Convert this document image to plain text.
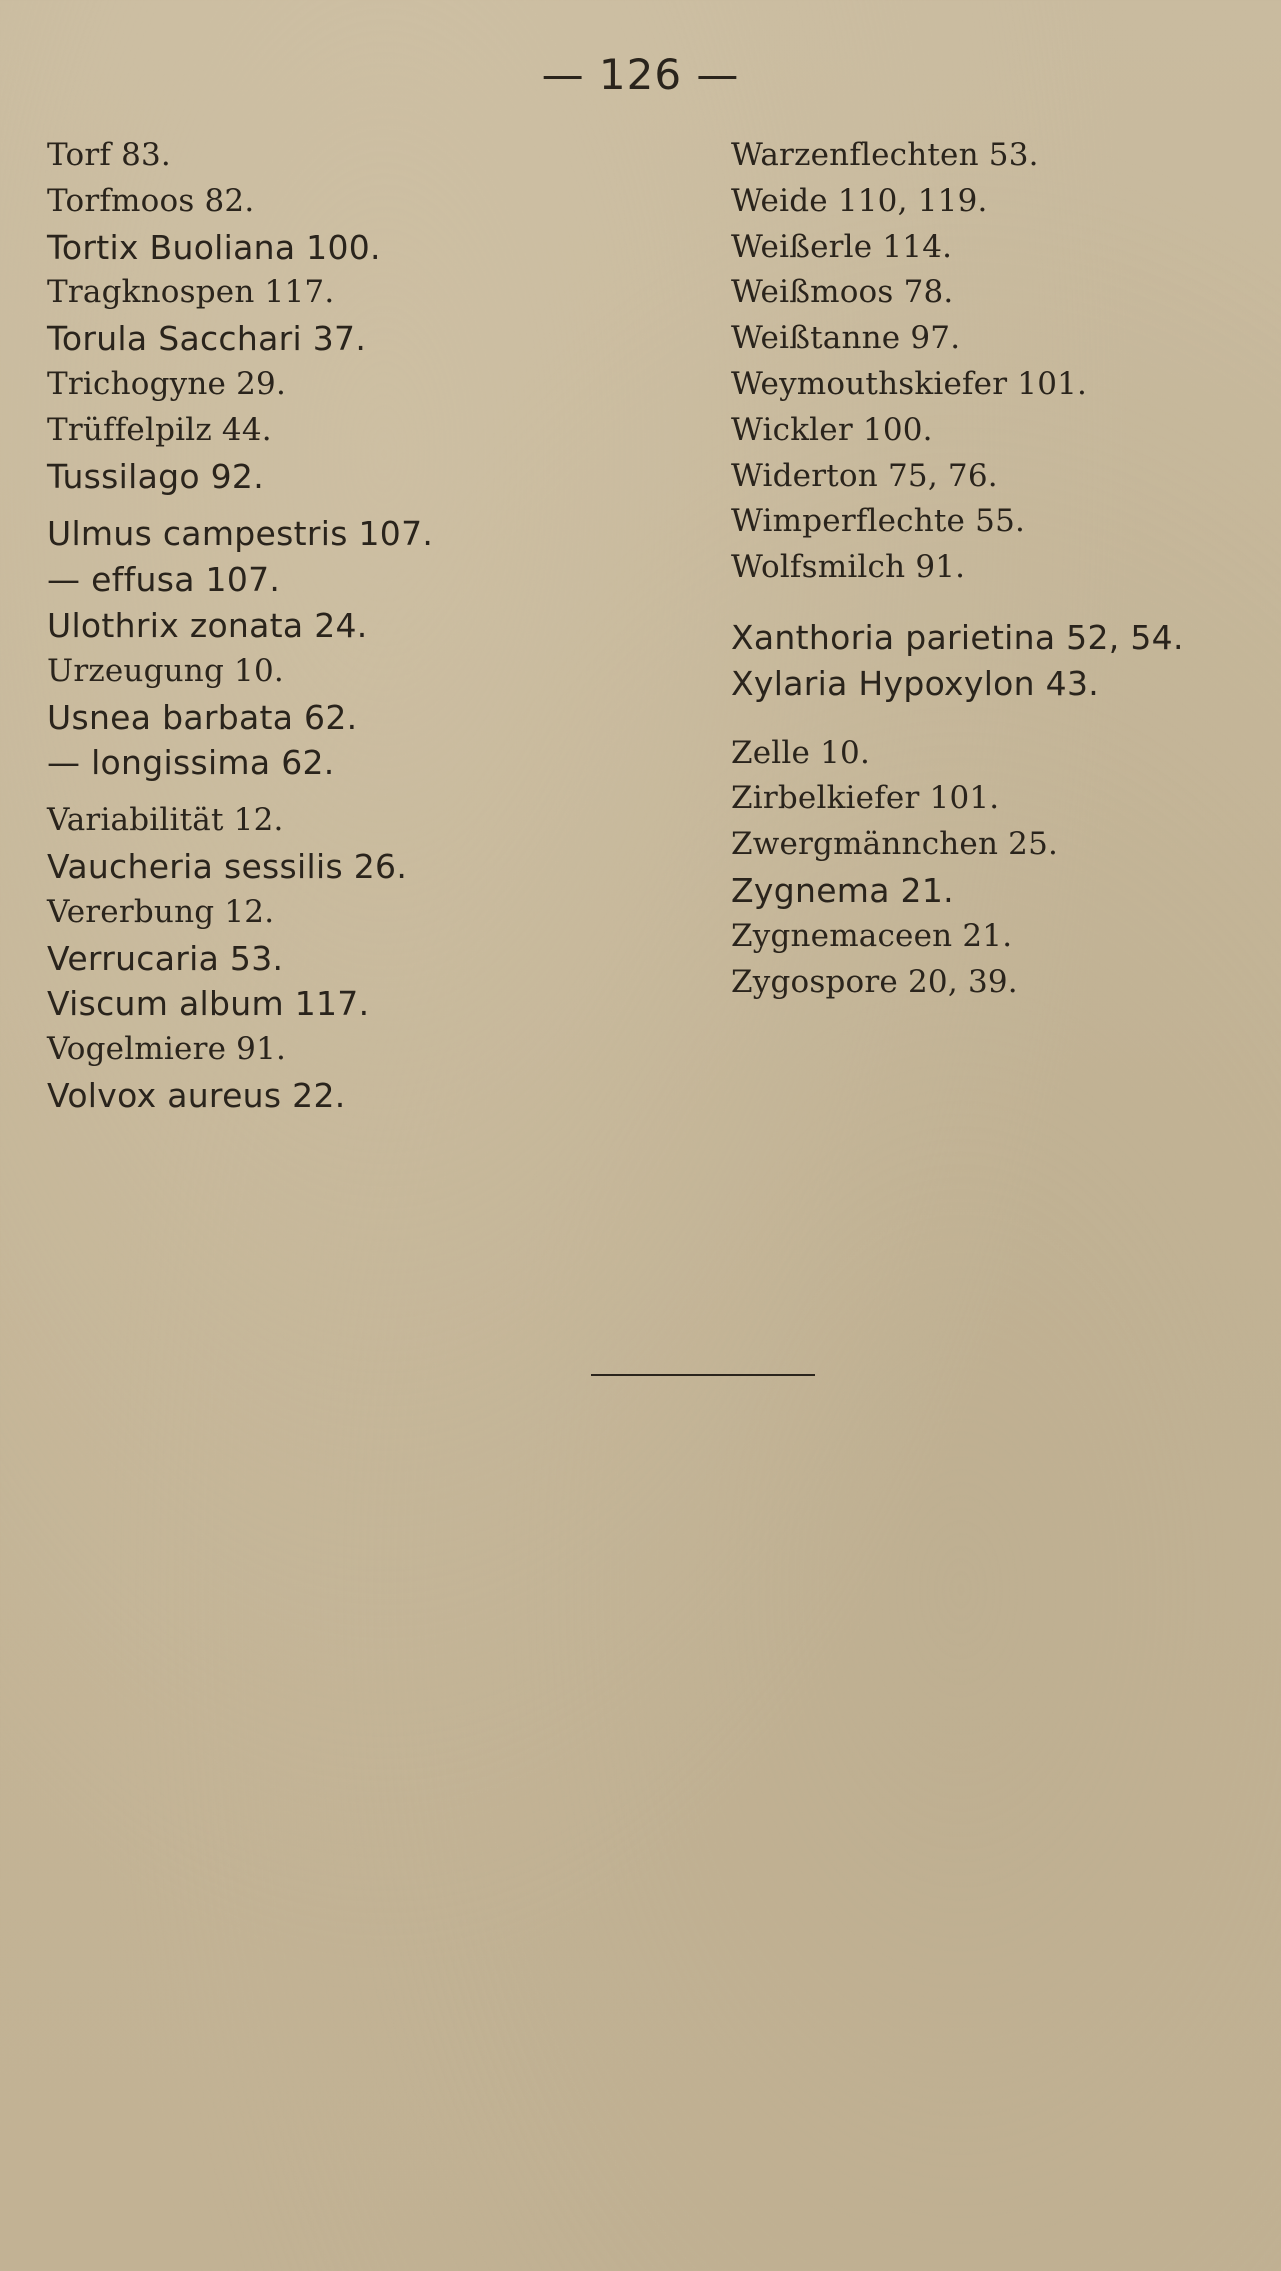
— 126 —
Torf 83.
Torfmoos 82.
Tortix Buoliana 100.
Tragknospen 117.
Torula Sacchari 37.
Trichogyne 29.
Trüffelpilz 44.
Tussilago 92.
Ulmus campestris 107.
— effusa 107.
Ulothrix zonata 24.
Urzeugung 10.
Usnea barbata 62.
— longissima 62.
Variabilität 12.
Vaucheria sessilis 26.
Vererbung 12.
Verrucaria 53.
Viscum album 117.
Vogelmiere 91.
Volvox aureus 22.
Warzenflechten 53.
Weide 110, 119.
Weißerle 114.
Weißmoos 78.
Weißtanne 97.
Weymouthskiefer 101.
Wickler 100.
Widerton 75, 76.
Wimperflechte 55.
Wolfsmilch 91.
Xanthoria parietina 52, 54.
Xylaria Hypoxylon 43.
Zelle 10.
Zirbelkiefer 101.
Zwergmännchen 25.
Zygnema 21.
Zygnemaceen 21.
Zygospore 20, 39.
